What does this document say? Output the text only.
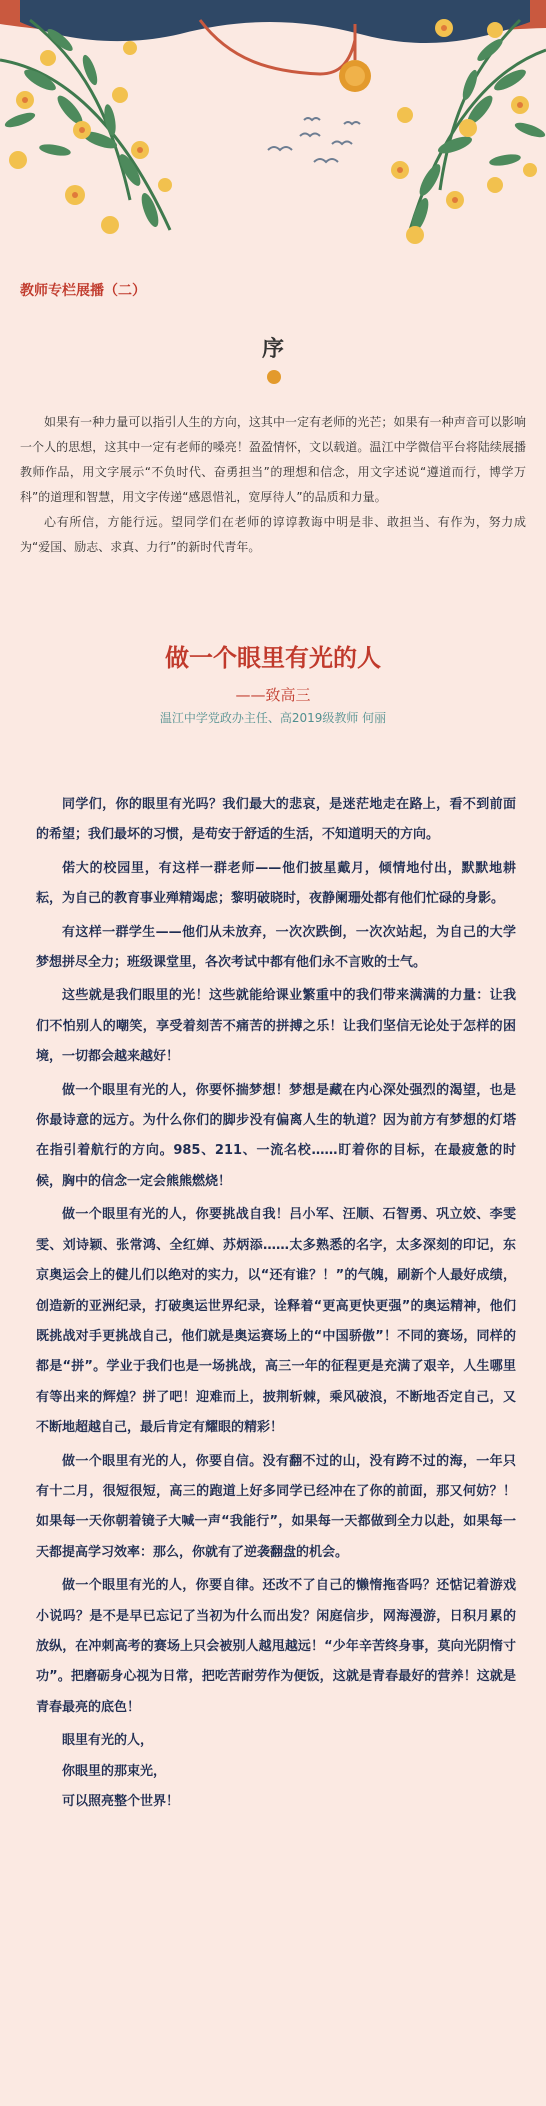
教师专栏展播（二）
序

如果有一种力量可以指引人生的方向，这其中一定有老师的光芒；如果有一种声音可以影响一个人的思想，这其中一定有老师的嗓亮！盈盈情怀，文以载道。温江中学微信平台将陆续展播教师作品，用文字展示“不负时代、奋勇担当”的理想和信念，用文字述说“遵道而行，博学万科”的道理和智慧，用文字传递“感恩惜礼，宽厚待人”的品质和力量。

心有所信，方能行远。望同学们在老师的谆谆教诲中明是非、敢担当、有作为，努力成为“爱国、励志、求真、力行”的新时代青年。

做一个眼里有光的人
——致高三
温江中学党政办主任、高2019级教师 何丽

同学们，你的眼里有光吗？我们最大的悲哀，是迷茫地走在路上，看不到前面的希望；我们最坏的习惯，是苟安于舒适的生活，不知道明天的方向。

偌大的校园里，有这样一群老师——他们披星戴月，倾情地付出，默默地耕耘，为自己的教育事业殚精竭虑；黎明破晓时，夜静阑珊处都有他们忙碌的身影。

有这样一群学生——他们从未放弃，一次次跌倒，一次次站起，为自己的大学梦想拼尽全力；班级课堂里，各次考试中都有他们永不言败的士气。

这些就是我们眼里的光！这些就能给课业繁重中的我们带来满满的力量：让我们不怕别人的嘲笑，享受着刻苦不痛苦的拼搏之乐！让我们坚信无论处于怎样的困境，一切都会越来越好！

做一个眼里有光的人，你要怀揣梦想！梦想是藏在内心深处强烈的渴望，也是你最诗意的远方。为什么你们的脚步没有偏离人生的轨道？因为前方有梦想的灯塔在指引着航行的方向。985、211、一流名校……盯着你的目标，在最疲惫的时候，胸中的信念一定会熊熊燃烧！

做一个眼里有光的人，你要挑战自我！吕小军、汪顺、石智勇、巩立姣、李雯雯、刘诗颖、张常鸿、全红婵、苏炳添……太多熟悉的名字，太多深刻的印记，东京奥运会上的健儿们以绝对的实力，以“还有谁？！”的气魄，刷新个人最好成绩，创造新的亚洲纪录，打破奥运世界纪录，诠释着“更高更快更强”的奥运精神，他们既挑战对手更挑战自己，他们就是奥运赛场上的“中国骄傲”！不同的赛场，同样的都是“拼”。学业于我们也是一场挑战，高三一年的征程更是充满了艰辛，人生哪里有等出来的辉煌？拼了吧！迎难而上，披荆斩棘，乘风破浪，不断地否定自己，又不断地超越自己，最后肯定有耀眼的精彩！

做一个眼里有光的人，你要自信。没有翻不过的山，没有跨不过的海，一年只有十二月，很短很短，高三的跑道上好多同学已经冲在了你的前面，那又何妨？！如果每一天你朝着镜子大喊一声“我能行”，如果每一天都做到全力以赴，如果每一天都提高学习效率：那么，你就有了逆袭翻盘的机会。

做一个眼里有光的人，你要自律。还改不了自己的懒惰拖沓吗？还惦记着游戏小说吗？是不是早已忘记了当初为什么而出发？闲庭信步，网海漫游，日积月累的放纵，在冲刺高考的赛场上只会被别人越甩越远！“少年辛苦终身事，莫向光阴惰寸功”。把磨砺身心视为日常，把吃苦耐劳作为便饭，这就是青春最好的营养！这就是青春最亮的底色！

眼里有光的人，

你眼里的那束光，

可以照亮整个世界！
